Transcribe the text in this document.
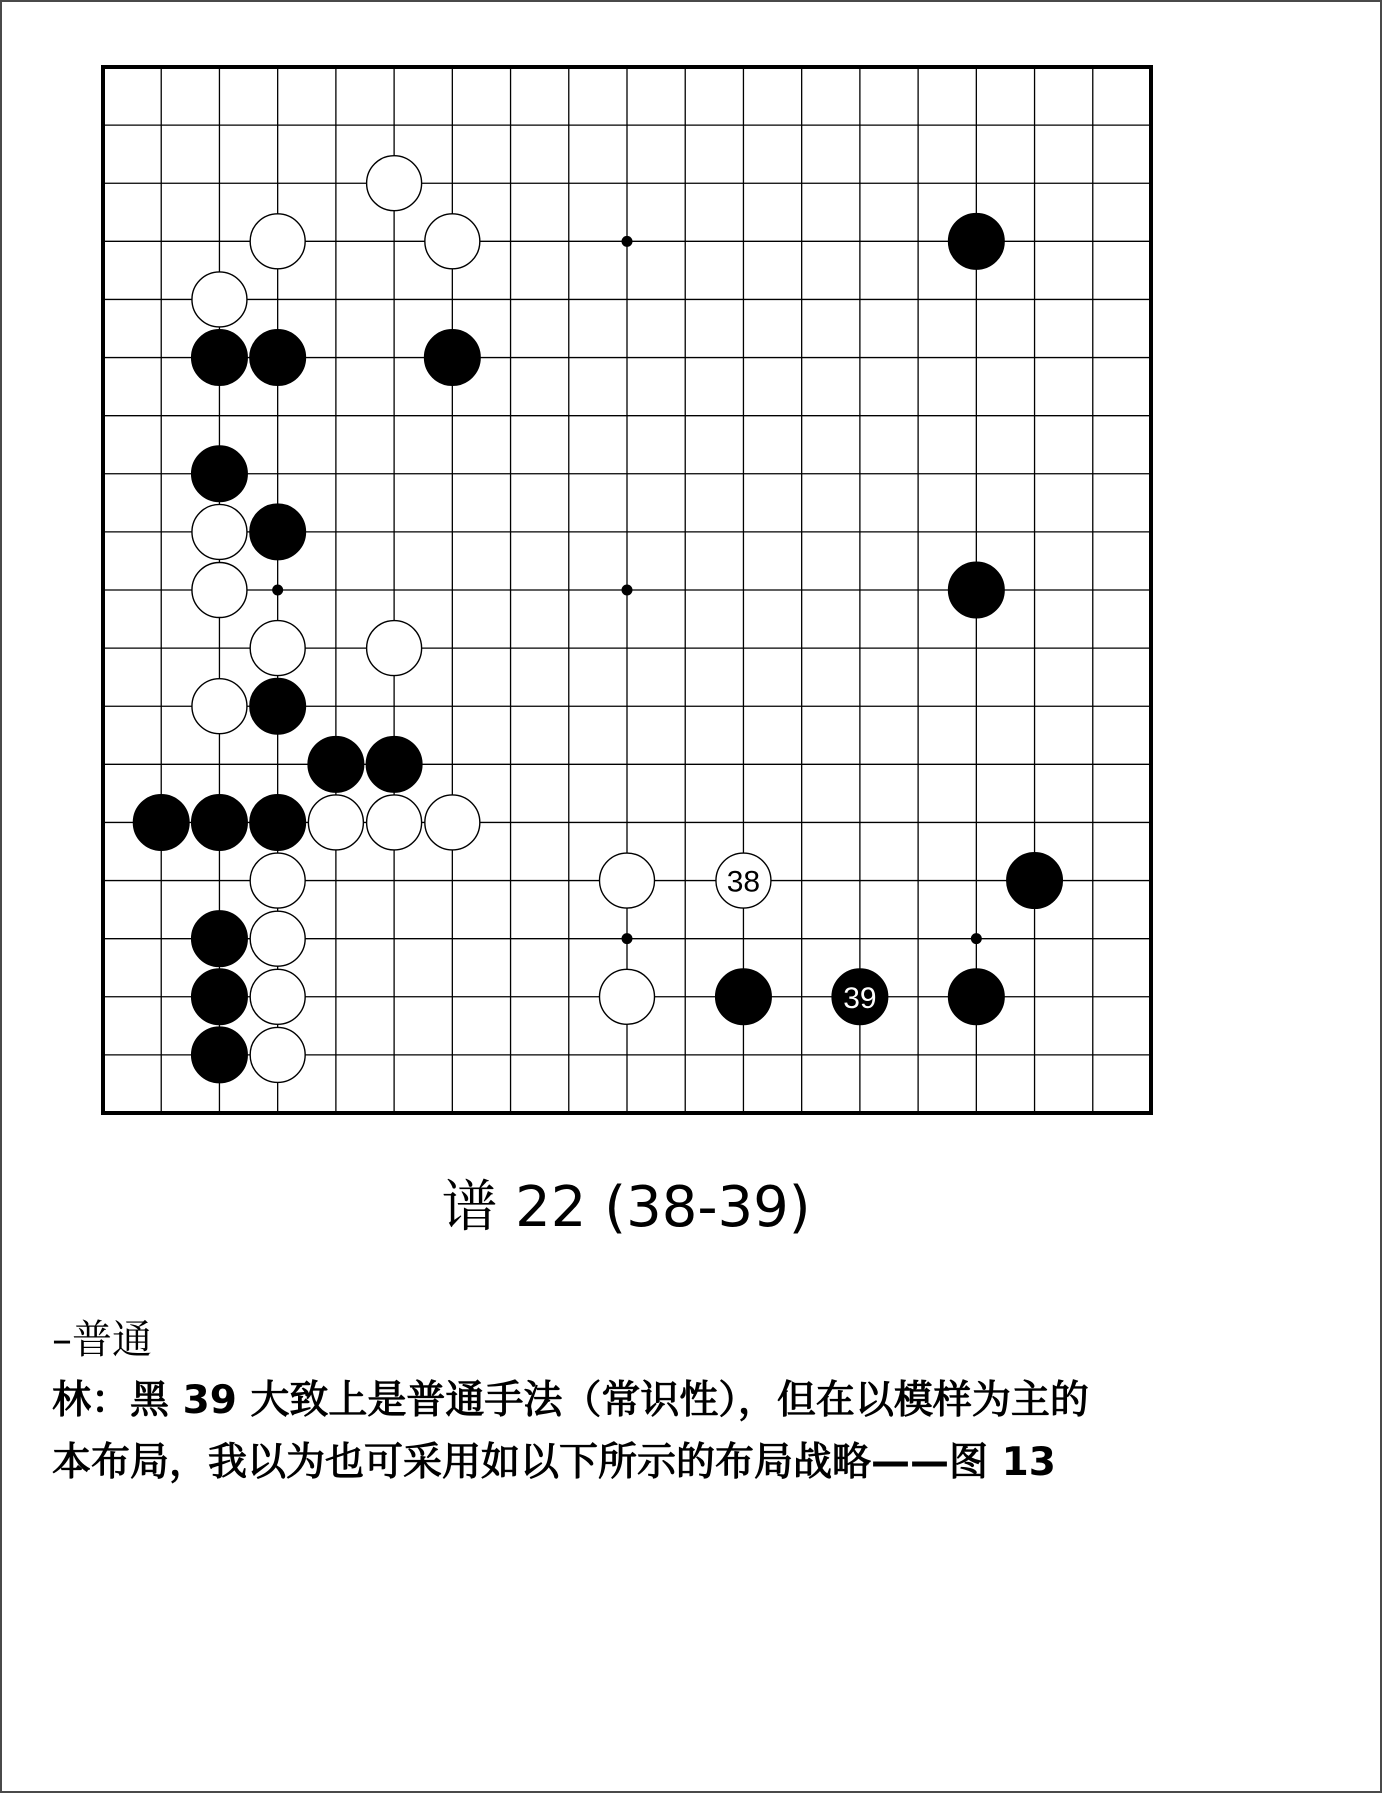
38
39
谱 22 (38-39)

–普通

林：黑 39 大致上是普通手法（常识性），但在以模样为主的

本布局，我以为也可采用如以下所示的布局战略——图 13
